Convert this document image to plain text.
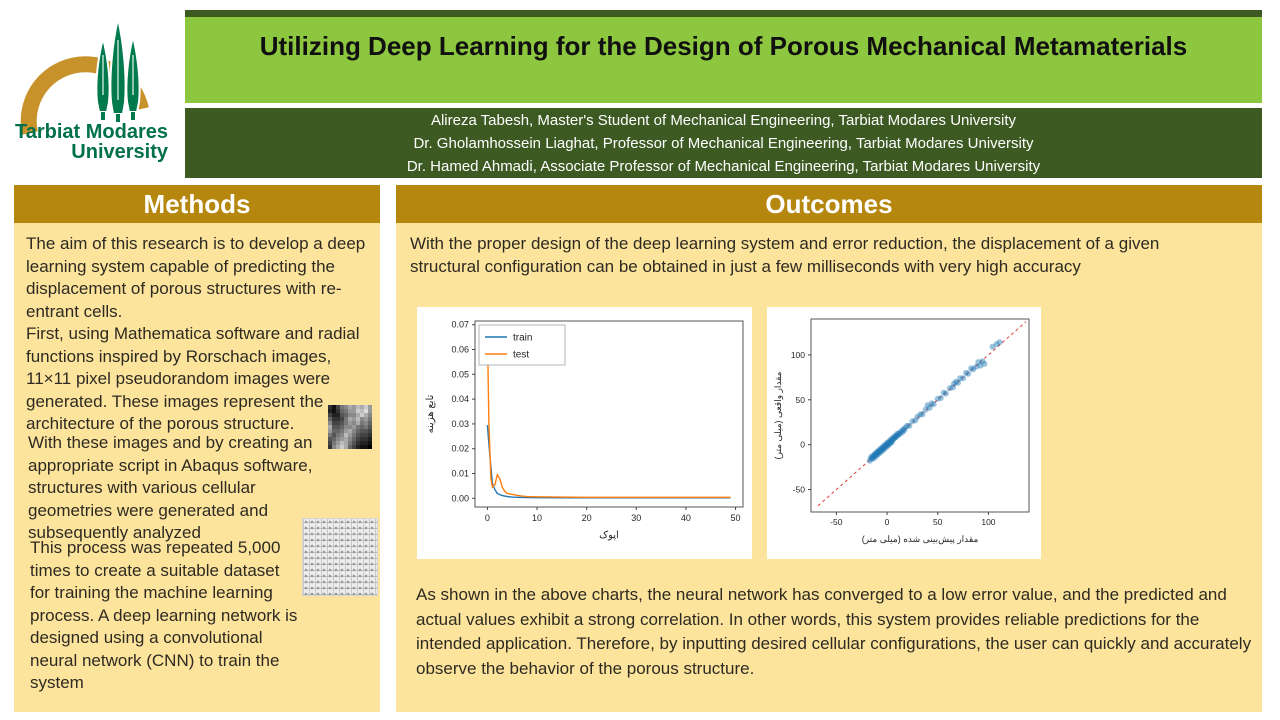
Tarbiat Modares
University
Utilizing Deep Learning for the Design of Porous Mechanical Metamaterials
Alireza Tabesh, Master's Student of Mechanical Engineering, Tarbiat Modares University
Dr. Gholamhossein Liaghat, Professor of Mechanical Engineering, Tarbiat Modares University
Dr. Hamed Ahmadi, Associate Professor of Mechanical Engineering, Tarbiat Modares University
Methods

The aim of this research is to develop a deep learning system capable of predicting the displacement of porous structures with re-entrant cells.

First, using Mathematica software and radial functions inspired by Rorschach images, 11×11 pixel pseudorandom images were generated. These images represent the architecture of the porous structure.

With these images and by creating an appropriate script in Abaqus software, structures with various cellular geometries were generated and subsequently analyzed

This process was repeated 5,000 times to create a suitable dataset for training the machine learning process. A deep learning network is designed using a convolutional neural network (CNN) to train the system

Outcomes

With the proper design of the deep learning system and error reduction, the displacement of a given structural configuration can be obtained in just a few milliseconds with very high accuracy

0.00
0.01
0.02
0.03
0.04
0.05
0.06
0.07
0	10	20	30	40	50
اپوک
تابع هزینه
train
test
-50
0
50
100
-50	0	50	100
مقدار پیش‌بینی شده (میلی متر)
مقدار واقعی (میلی متر)

As shown in the above charts, the neural network has converged to a low error value, and the predicted and actual values exhibit a strong correlation. In other words, this system provides reliable predictions for the intended application. Therefore, by inputting desired cellular configurations, the user can quickly and accurately observe the behavior of the porous structure.
